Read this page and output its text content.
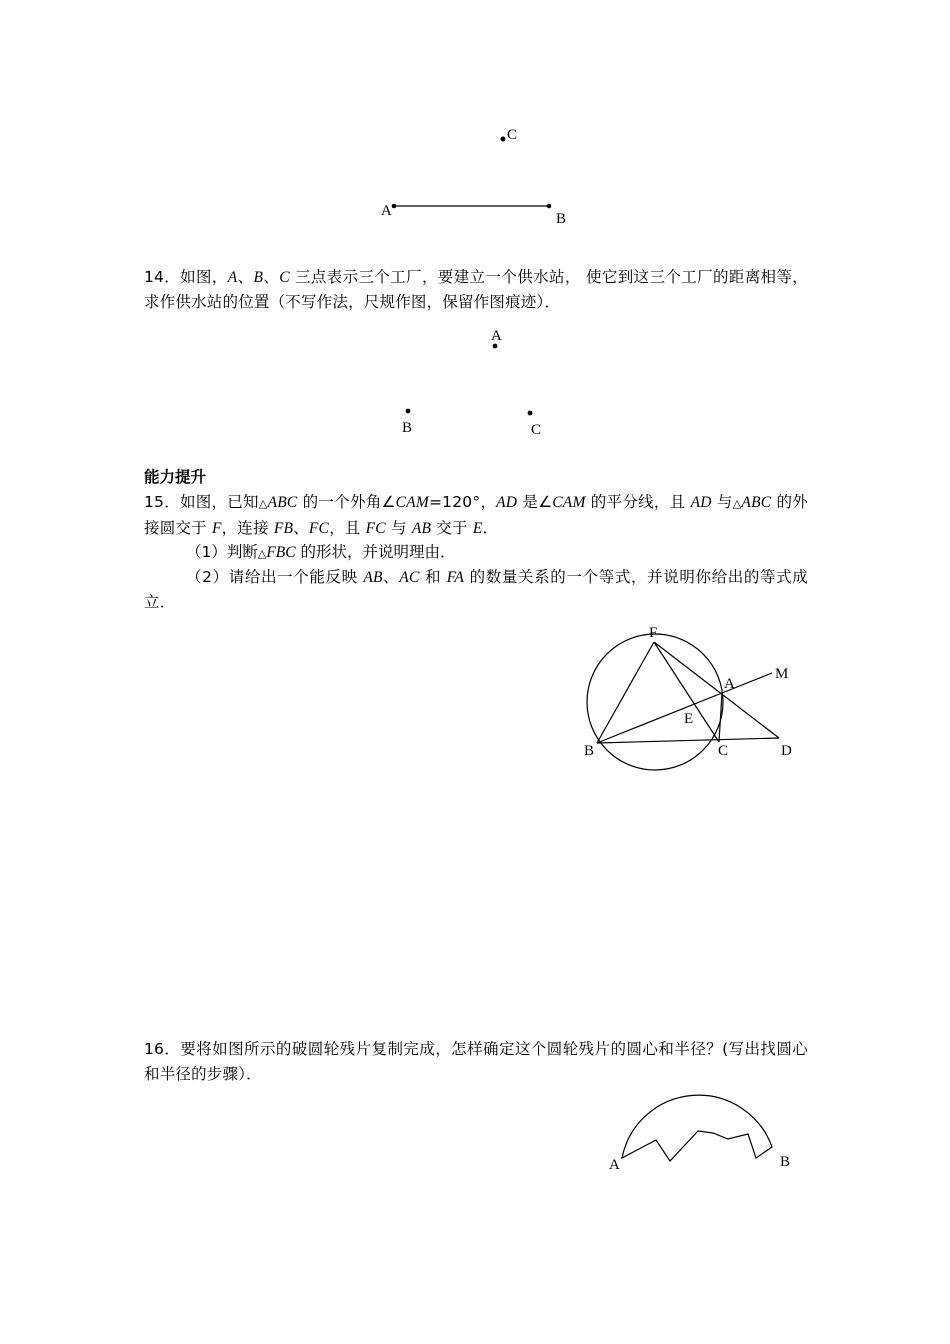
C
A	B

14．如图，A、B、C 三点表示三个工厂，要建立一个供水站， 使它到这三个工厂的距离相等，求作供水站的位置（不写作法，尺规作图，保留作图痕迹）．

A
B	C

能力提升

15．如图，已知△ABC 的一个外角∠CAM=120°，AD 是∠CAM 的平分线，且 AD 与△ABC 的外接圆交于 F，连接 FB、FC，且 FC 与 AB 交于 E．

（1）判断△FBC 的形状，并说明理由．

（2）请给出一个能反映 AB、AC 和 FA 的数量关系的一个等式，并说明你给出的等式成立．

F
A
M
E
B	C	D

16．要将如图所示的破圆轮残片复制完成，怎样确定这个圆轮残片的圆心和半径？(写出找圆心和半径的步骤）．

A	B
